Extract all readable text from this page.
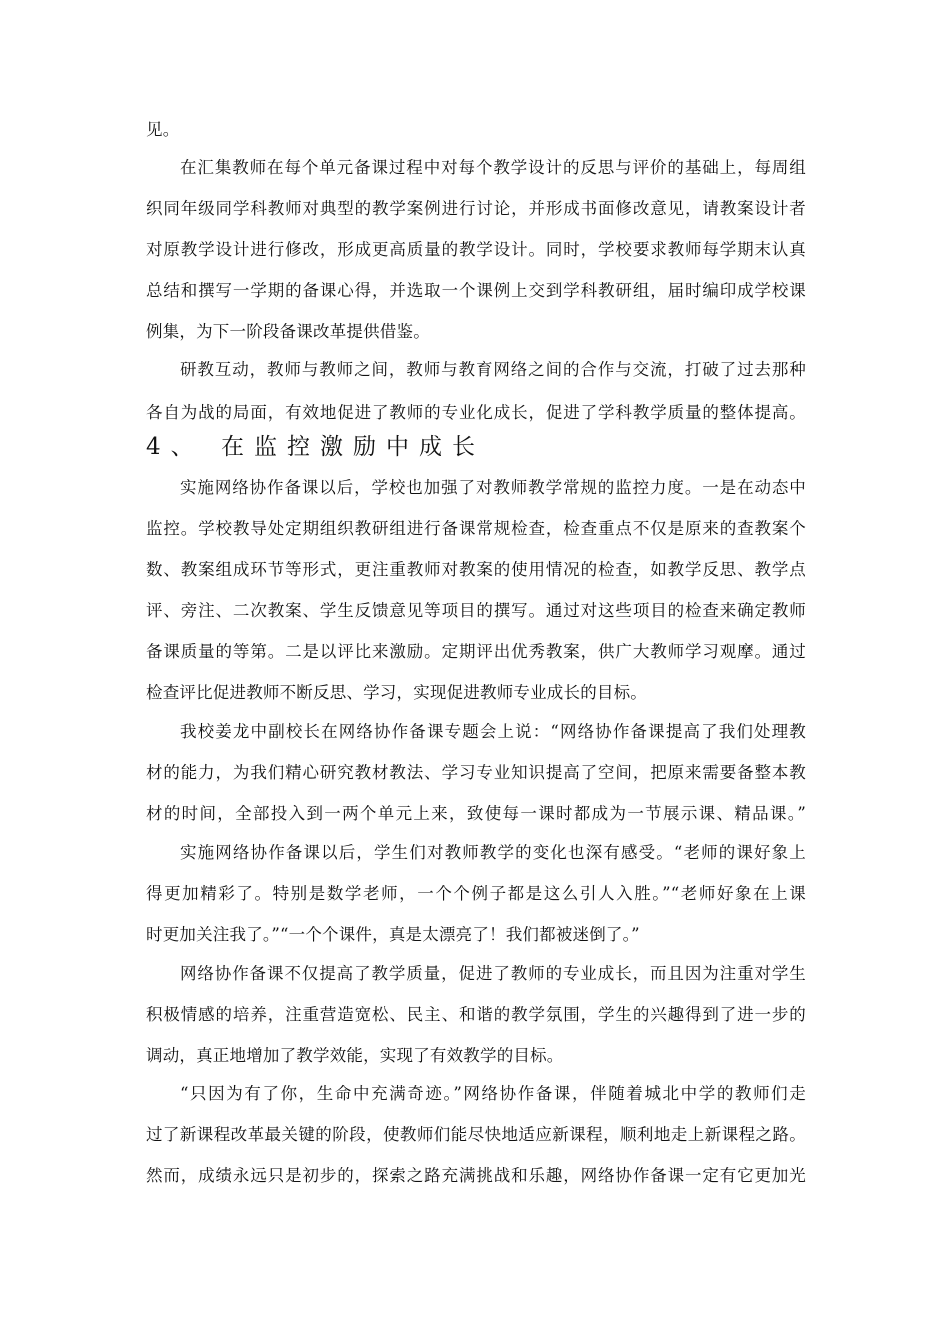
见。
在汇集教师在每个单元备课过程中对每个教学设计的反思与评价的基础上，每周组
织同年级同学科教师对典型的教学案例进行讨论，并形成书面修改意见，请教案设计者
对原教学设计进行修改，形成更高质量的教学设计。同时，学校要求教师每学期末认真
总结和撰写一学期的备课心得，并选取一个课例上交到学科教研组，届时编印成学校课
例集，为下一阶段备课改革提供借鉴。
研教互动，教师与教师之间，教师与教育网络之间的合作与交流，打破了过去那种
各自为战的局面，有效地促进了教师的专业化成长，促进了学科教学质量的整体提高。
4、 在监控激励中成长
实施网络协作备课以后，学校也加强了对教师教学常规的监控力度。一是在动态中
监控。学校教导处定期组织教研组进行备课常规检查，检查重点不仅是原来的查教案个
数、教案组成环节等形式，更注重教师对教案的使用情况的检查，如教学反思、教学点
评、旁注、二次教案、学生反馈意见等项目的撰写。通过对这些项目的检查来确定教师
备课质量的等第。二是以评比来激励。定期评出优秀教案，供广大教师学习观摩。通过
检查评比促进教师不断反思、学习，实现促进教师专业成长的目标。
我校姜龙中副校长在网络协作备课专题会上说：“网络协作备课提高了我们处理教
材的能力，为我们精心研究教材教法、学习专业知识提高了空间，把原来需要备整本教
材的时间，全部投入到一两个单元上来，致使每一课时都成为一节展示课、精品课。”
实施网络协作备课以后，学生们对教师教学的变化也深有感受。“老师的课好象上
得更加精彩了。特别是数学老师，一个个例子都是这么引人入胜。”“老师好象在上课
时更加关注我了。”“一个个课件，真是太漂亮了！我们都被迷倒了。”
网络协作备课不仅提高了教学质量，促进了教师的专业成长，而且因为注重对学生
积极情感的培养，注重营造宽松、民主、和谐的教学氛围，学生的兴趣得到了进一步的
调动，真正地增加了教学效能，实现了有效教学的目标。
“只因为有了你，生命中充满奇迹。”网络协作备课，伴随着城北中学的教师们走
过了新课程改革最关键的阶段，使教师们能尽快地适应新课程，顺利地走上新课程之路。
然而，成绩永远只是初步的，探索之路充满挑战和乐趣，网络协作备课一定有它更加光
